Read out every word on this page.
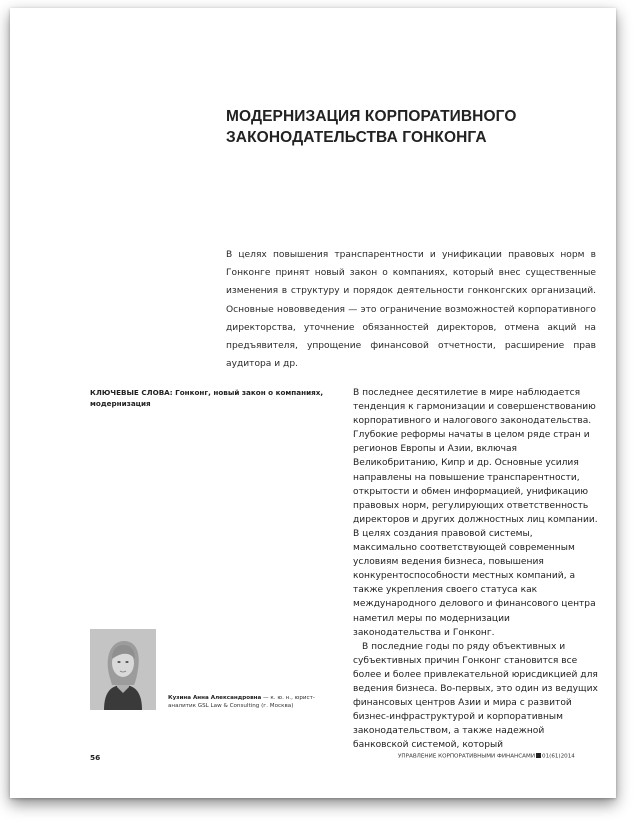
МОДЕРНИЗАЦИЯ КОРПОРАТИВНОГО
ЗАКОНОДАТЕЛЬСТВА ГОНКОНГА
В целях повышения транспарентности и унификации правовых норм в Гонконге принят новый закон о компаниях, который внес существенные изменения в структуру и порядок деятельности гонконгских организаций. Основные нововведения — это ограничение возможностей корпоративного директорства, уточнение обязанностей директоров, отмена акций на предъявителя, упрощение финансовой отчетности, расширение прав аудитора и др.
КЛЮЧЕВЫЕ СЛОВА: Гонконг, новый закон о компаниях, модернизация

В последнее десятилетие в мире наблюдается тенденция к гармонизации и совершенствованию корпоративного и налогового законодательства. Глубокие реформы начаты в целом ряде стран и регионов Европы и Азии, включая Великобританию, Кипр и др. Основные усилия направлены на повышение транспарентности, открытости и обмен информацией, унификацию правовых норм, регулирующих ответственность директоров и других должностных лиц компании. В целях создания правовой системы, максимально соответствующей современным условиям ведения бизнеса, повышения конкурентоспособности местных компаний, а также укрепления своего статуса как международного делового и финансового центра наметил меры по модернизации законодательства и Гонконг.

В последние годы по ряду объективных и субъективных причин Гонконг становится все более и более привлекательной юрисдикцией для ведения бизнеса. Во-первых, это один из ведущих финансовых центров Азии и мира с развитой бизнес-инфраструктурой и корпоративным законодательством, а также надежной банковской системой, который

Кузина Анна Александровна — к. ю. н., юрист-аналитик GSL Law & Consulting (г. Москва)
56	УПРАВЛЕНИЕ КОРПОРАТИВНЫМИ ФИНАНСАМИ 01(61)2014
